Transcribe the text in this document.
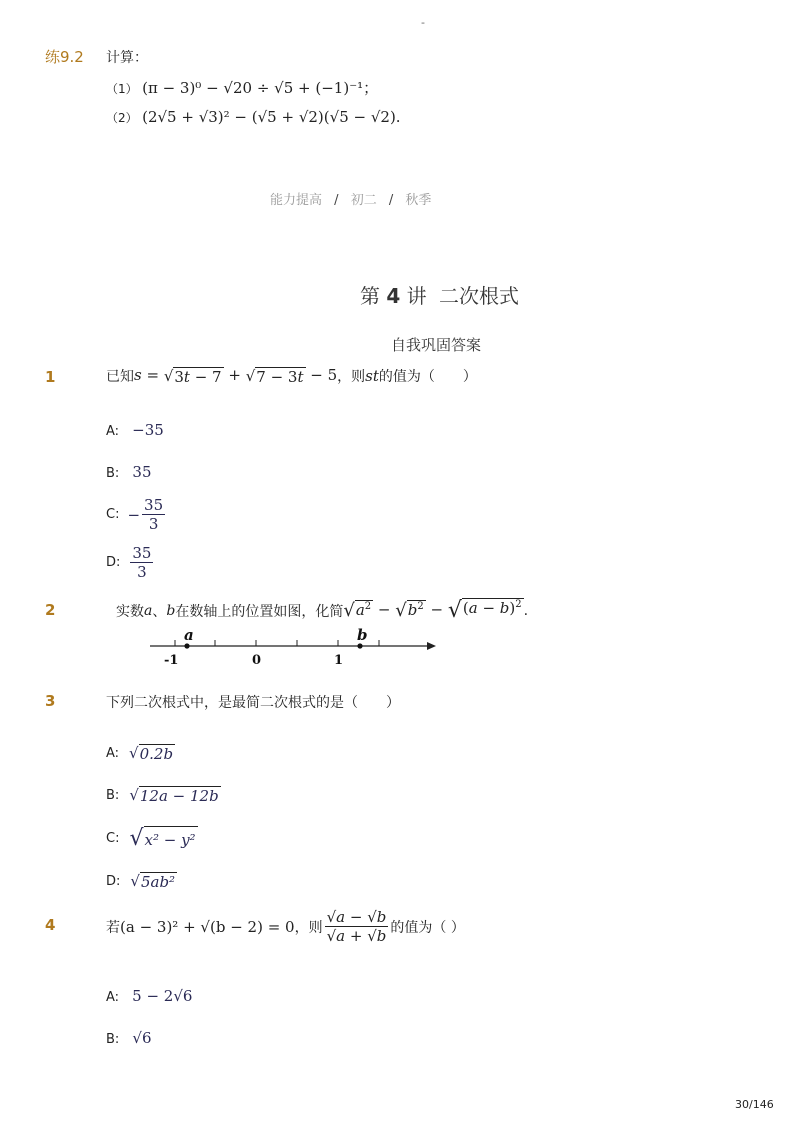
-
练9.2 计算：
（1） (π − 3)⁰ − √20 ÷ √5 + (−1)⁻¹；
（2） (2√5 + √3)² − (√5 + √2)(√5 − √2).
能力提高 / 初二 / 秋季
第 4 讲 二次根式
自我巩固答案
1	已知 s = √ 3t − 7 + √ 7 − 3t − 5 ，则 st 的值为（　　）
A: −35
B: 35
C: − $\frac{35}{3}$
D: $\frac{35}{3}$
2	实数 a 、 b 在数轴上的位置如图，化简 √ $a^2$ − √ $b^2$ − √ $(a - b)^2$ .
a	b
-1	0	1
3	下列二次根式中，是最简二次根式的是（　　）
A: √ 0.2b
B: √ 12a − 12b
C: √ x² − y²
D: √ 5ab²
4	若 (a − 3)² + √(b − 2) = 0 ，则 $\frac{√a - √b}{√a + √b}$ 的值为（ ）
A: 5 − 2√6
B: √6
30/146
